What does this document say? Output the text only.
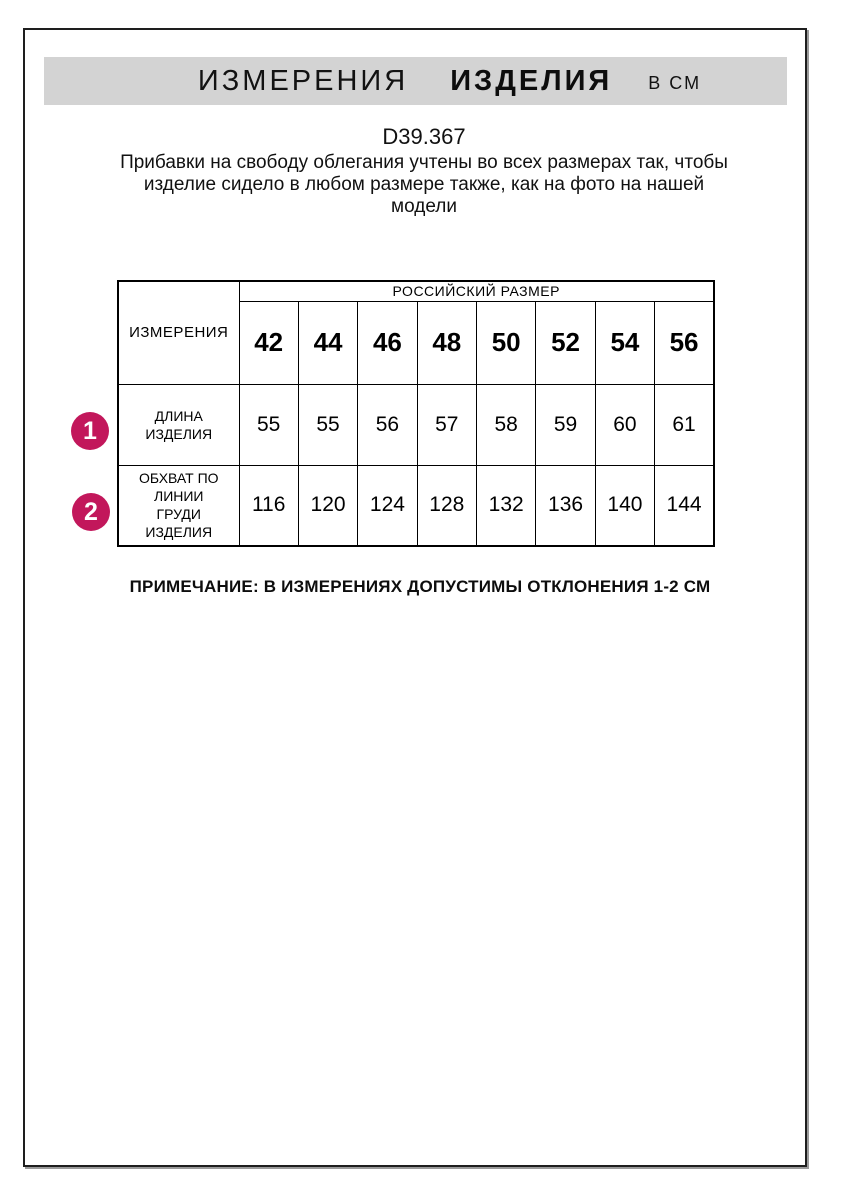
ИЗМЕРЕНИЯ ИЗДЕЛИЯ В СМ
D39.367
Прибавки на свободу облегания учтены во всех размерах так, чтобы
изделие сидело в любом размере также, как на фото на нашей
модели
ИЗМЕРЕНИЯ	РОССИЙСКИЙ РАЗМЕР							
	42	44	46	48	50	52	54	56
ДЛИНА ИЗДЕЛИЯ	55	55	56	57	58	59	60	61
ОБХВАТ ПО ЛИНИИ ГРУДИ ИЗДЕЛИЯ	116	120	124	128	132	136	140	144
1
2
ПРИМЕЧАНИЕ: В ИЗМЕРЕНИЯХ ДОПУСТИМЫ ОТКЛОНЕНИЯ 1-2 СМ
